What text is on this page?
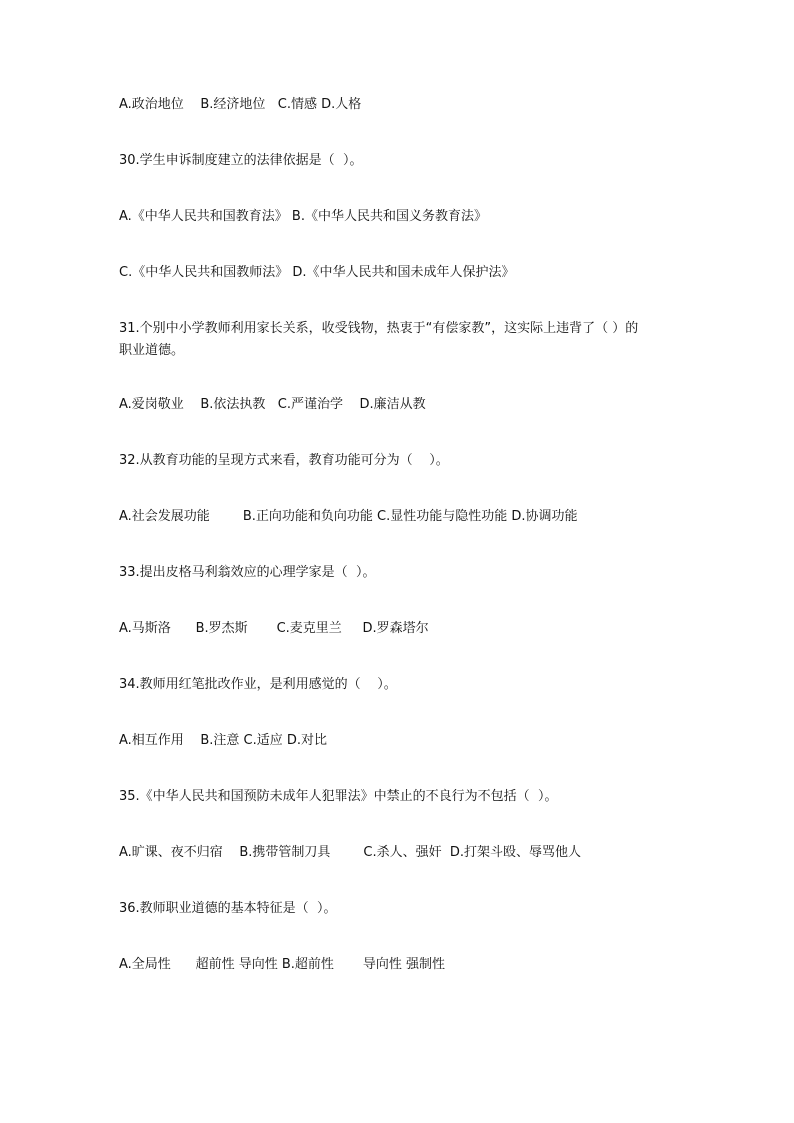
A.政治地位    B.经济地位   C.情感 D.人格
30.学生申诉制度建立的法律依据是（  ）。
A.《中华人民共和国教育法》 B.《中华人民共和国义务教育法》
C.《中华人民共和国教师法》 D.《中华人民共和国未成年人保护法》
31.个别中小学教师利用家长关系，收受钱物，热衷于“有偿家教”，这实际上违背了（ ）的职业道德。
A.爱岗敬业    B.依法执教   C.严谨治学    D.廉洁从教
32.从教育功能的呈现方式来看，教育功能可分为（    ）。
A.社会发展功能        B.正向功能和负向功能 C.显性功能与隐性功能 D.协调功能
33.提出皮格马利翁效应的心理学家是（  ）。
A.马斯洛      B.罗杰斯       C.麦克里兰     D.罗森塔尔
34.教师用红笔批改作业，是利用感觉的（    ）。
A.相互作用    B.注意 C.适应 D.对比
35.《中华人民共和国预防未成年人犯罪法》中禁止的不良行为不包括（  ）。
A.旷课、夜不归宿    B.携带管制刀具        C.杀人、强奸  D.打架斗殴、辱骂他人
36.教师职业道德的基本特征是（  ）。
A.全局性      超前性 导向性 B.超前性       导向性 强制性
